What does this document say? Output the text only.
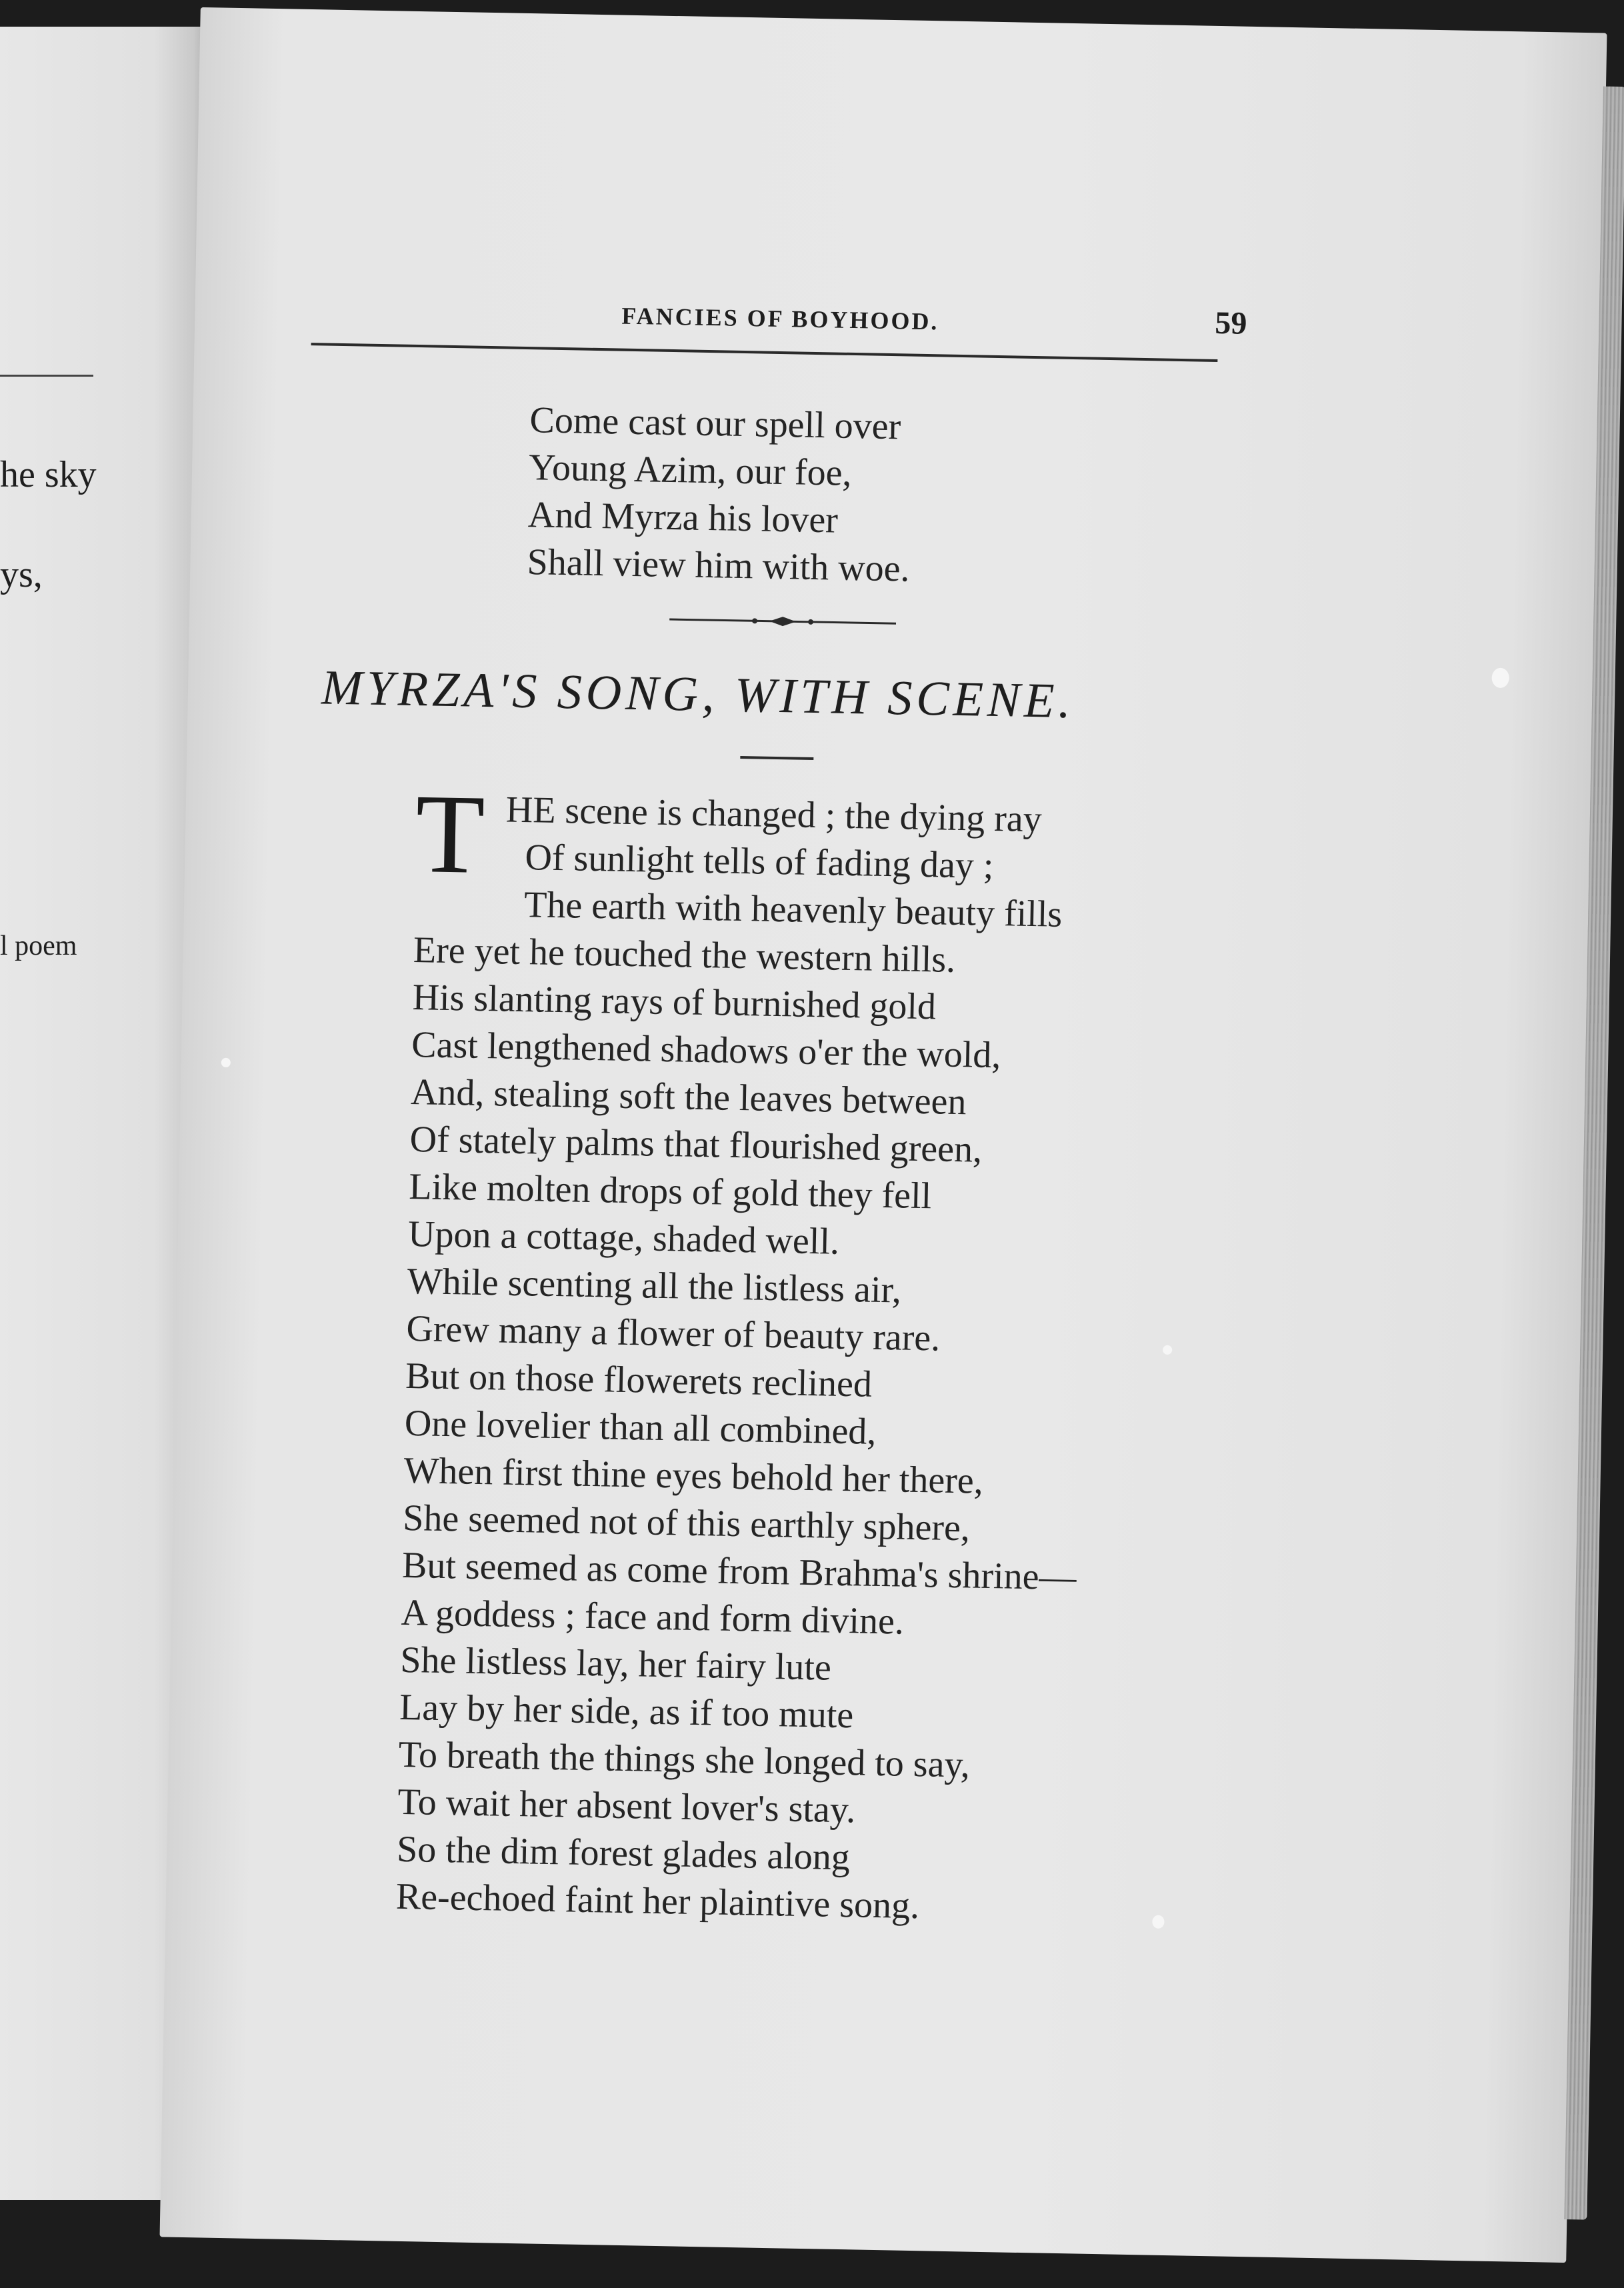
he sky
ys,
l poem
FANCIES OF BOYHOOD.	59
Come cast our spell over
Young Azim, our foe,
And Myrza his lover
Shall view him with woe.
MYRZA'S SONG, WITH SCENE.
T HE scene is changed ; the dying ray
Of sunlight tells of fading day ;
The earth with heavenly beauty fills
Ere yet he touched the western hills.
His slanting rays of burnished gold
Cast lengthened shadows o'er the wold,
And, stealing soft the leaves between
Of stately palms that flourished green,
Like molten drops of gold they fell
Upon a cottage, shaded well.
While scenting all the listless air,
Grew many a flower of beauty rare.
But on those flowerets reclined
One lovelier than all combined,
When first thine eyes behold her there,
She seemed not of this earthly sphere,
But seemed as come from Brahma's shrine—
A goddess ; face and form divine.
She listless lay, her fairy lute
Lay by her side, as if too mute
To breath the things she longed to say,
To wait her absent lover's stay.
So the dim forest glades along
Re-echoed faint her plaintive song.
